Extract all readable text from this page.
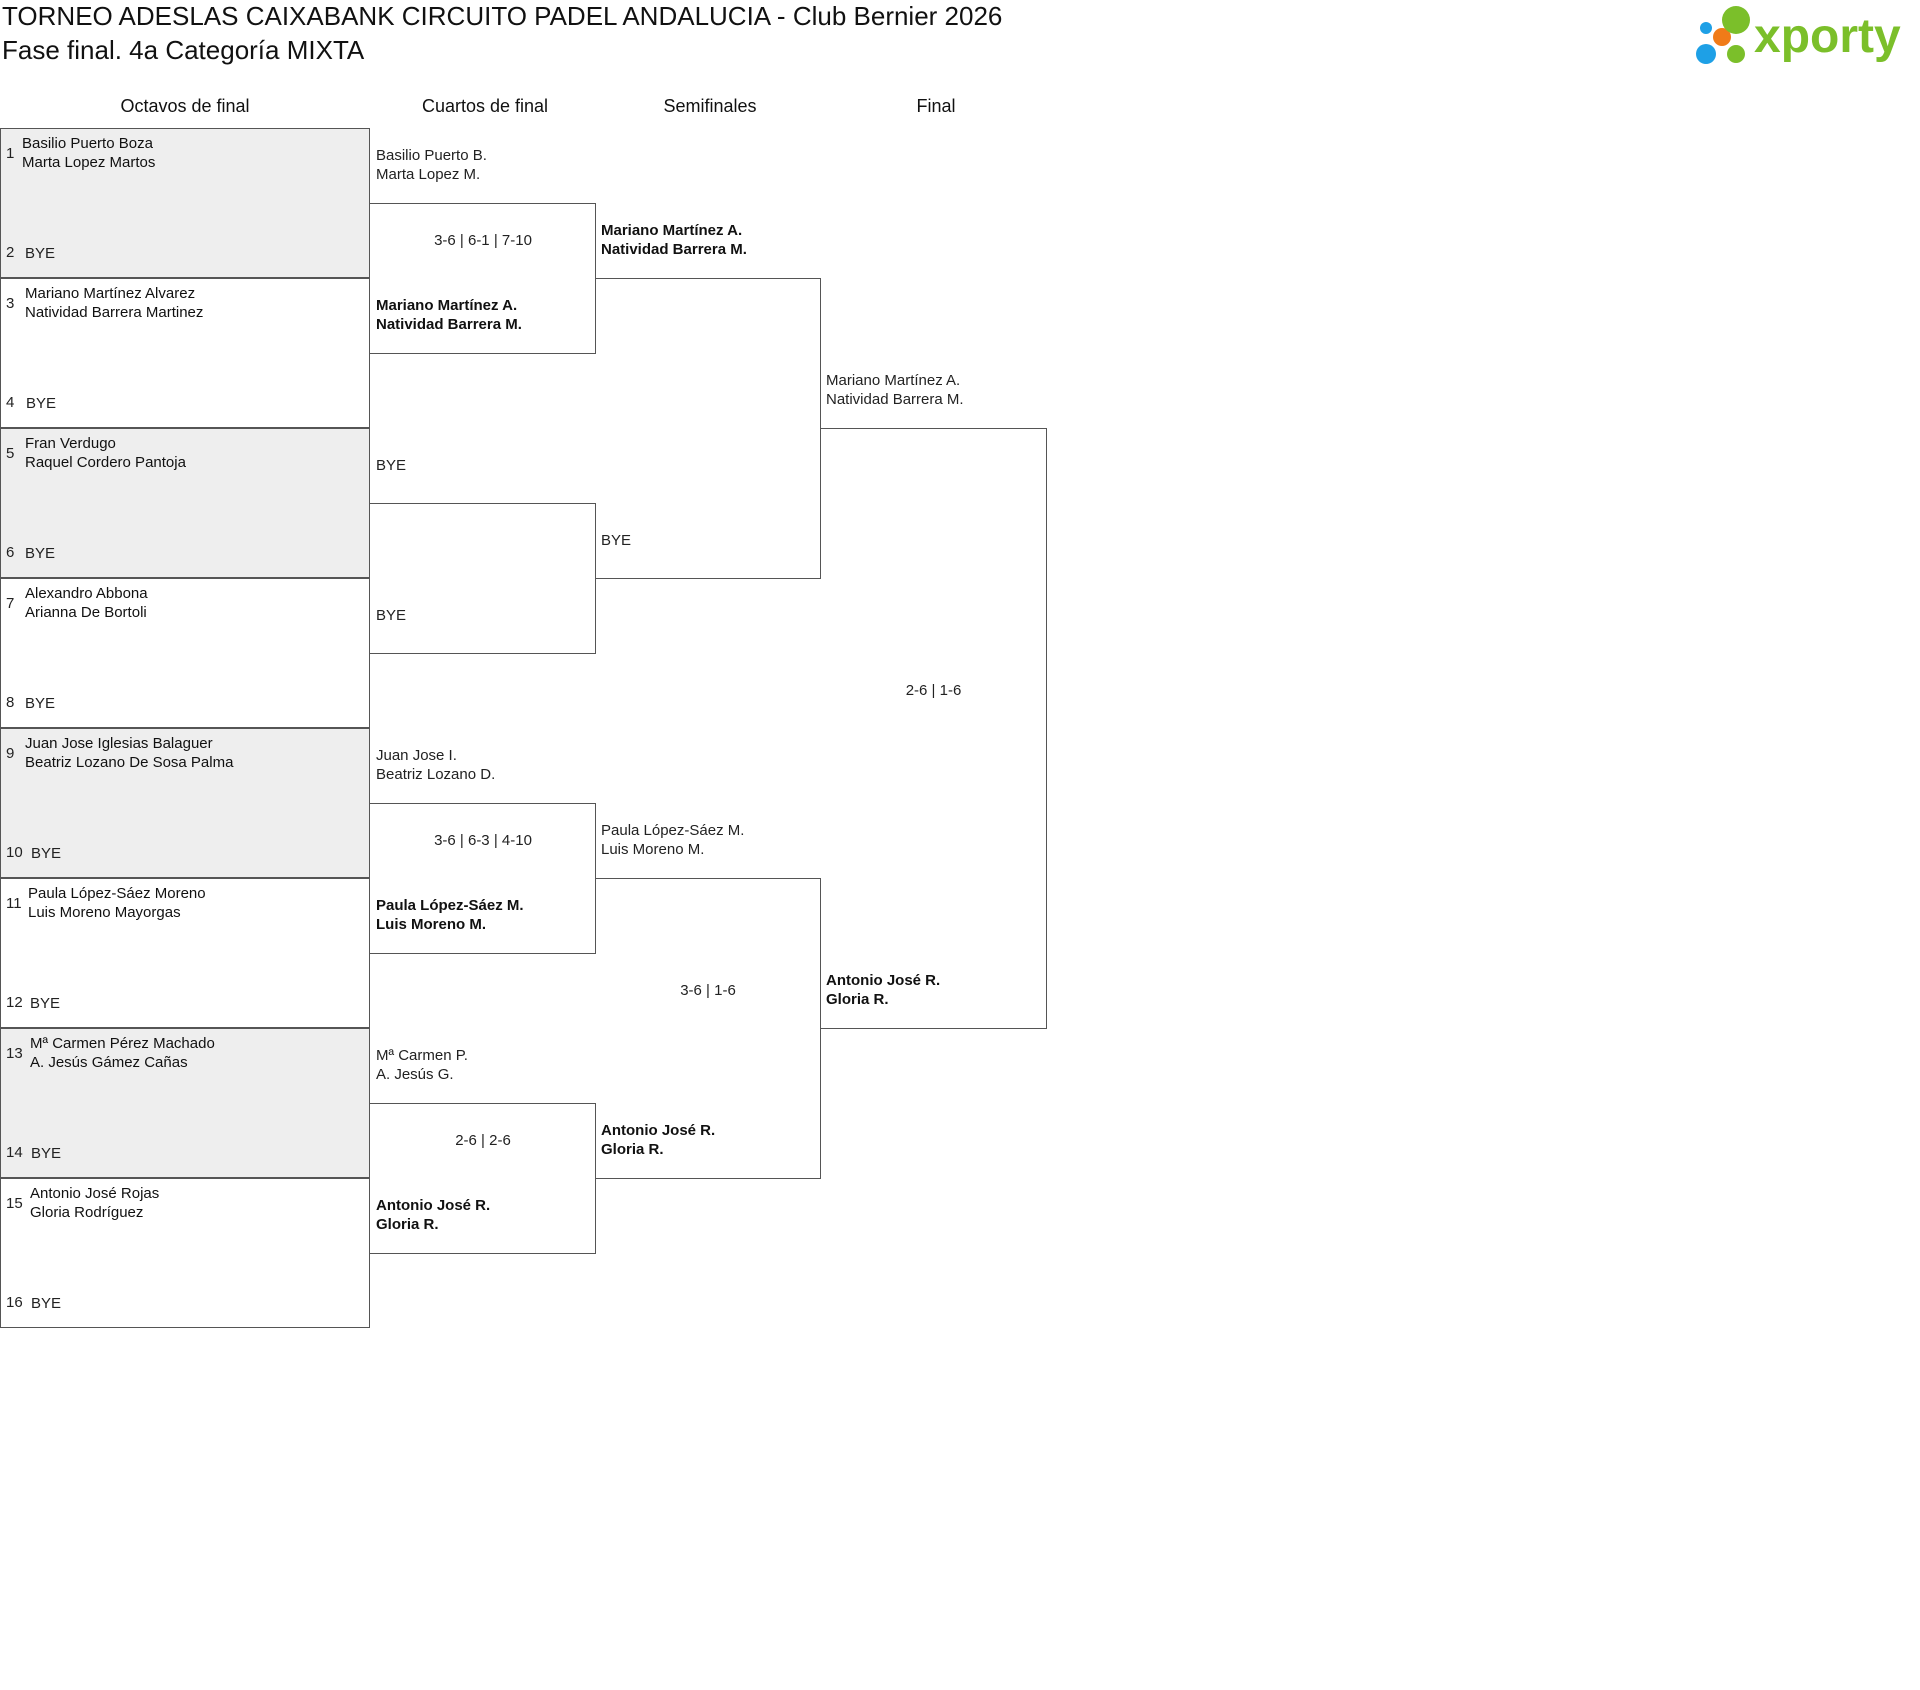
TORNEO ADESLAS CAIXABANK CIRCUITO PADEL ANDALUCIA - Club Bernier 2026
Fase final. 4a Categoría MIXTA	xporty
Octavos de final	Cuartos de final	Semifinales	Final
1
Basilio Puerto Boza
Marta Lopez Martos
2 BYE
3
Mariano Martínez Alvarez
Natividad Barrera Martinez
4 BYE
5
Fran Verdugo
Raquel Cordero Pantoja
6 BYE
7
Alexandro Abbona
Arianna De Bortoli
8 BYE
9
Juan Jose Iglesias Balaguer
Beatriz Lozano De Sosa Palma
10 BYE
11
Paula López-Sáez Moreno
Luis Moreno Mayorgas
12 BYE
13
Mª Carmen Pérez Machado
A. Jesús Gámez Cañas
14 BYE
15
Antonio José Rojas
Gloria Rodríguez
16 BYE
Basilio Puerto B.
Marta Lopez M.
3-6 | 6-1 | 7-10
Mariano Martínez A.
Natividad Barrera M.
BYE
BYE
Juan Jose I.
Beatriz Lozano D.
3-6 | 6-3 | 4-10
Paula López-Sáez M.
Luis Moreno M.
Mª Carmen P.
A. Jesús G.
2-6 | 2-6
Antonio José R.
Gloria R.
Mariano Martínez A.
Natividad Barrera M.
BYE
Paula López-Sáez M.
Luis Moreno M.
3-6 | 1-6
Antonio José R.
Gloria R.
Mariano Martínez A.
Natividad Barrera M.
2-6 | 1-6
Antonio José R.
Gloria R.
